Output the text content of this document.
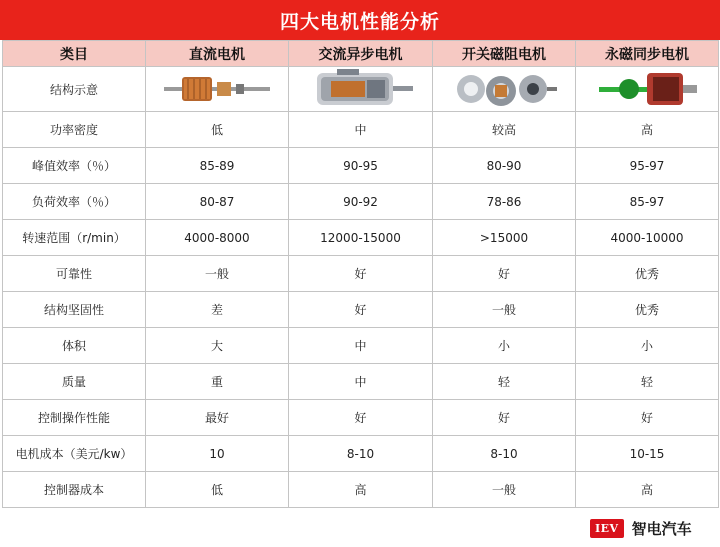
四大电机性能分析
类目	直流电机	交流异步电机	开关磁阻电机	永磁同步电机
结构示意	

功率密度	低	中	较高	高
峰值效率（％）	85-89	90-95	80-90	95-97
负荷效率（％）	80-87	90-92	78-86	85-97
转速范围（r/min）	4000-8000	12000-15000	>15000	4000-10000
可靠性	一般	好	好	优秀
结构坚固性	差	好	一般	优秀
体积	大	中	小	小
质量	重	中	轻	轻
控制操作性能	最好	好	好	好
电机成本（美元/kw）	10	8-10	8-10	10-15
控制器成本	低	高	一般	高
IEV 智电汽车
